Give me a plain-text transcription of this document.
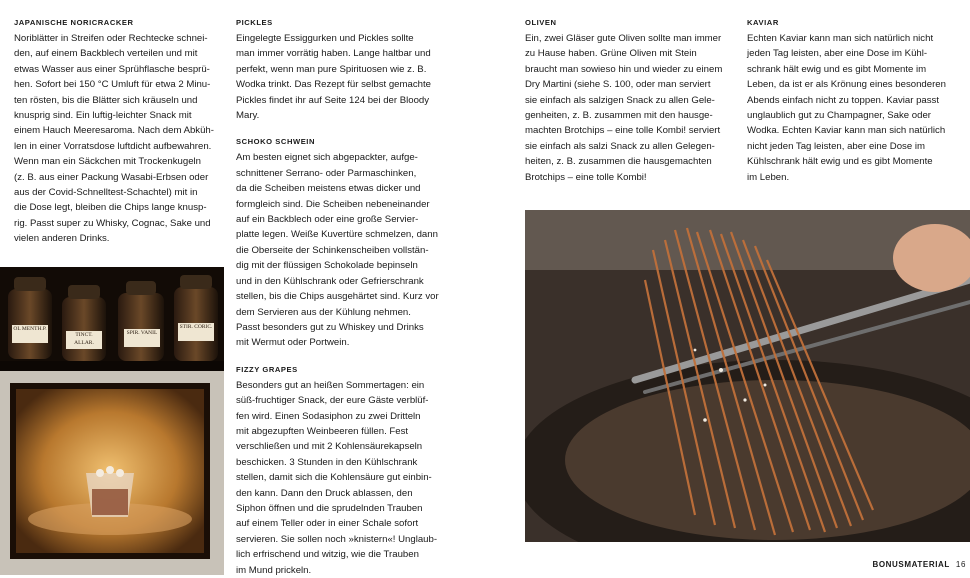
JAPANISCHE NORICRACKER
Noriblätter in Streifen oder Rechtecke schnei-
den, auf einem Backblech verteilen und mit
etwas Wasser aus einer Sprühflasche besprü-
hen. Sofort bei 150 °C Umluft für etwa 2 Minu-
ten rösten, bis die Blätter sich kräuseln und
knusprig sind. Ein luftig-leichter Snack mit
einem Hauch Meeresaroma. Nach dem Abküh-
len in einer Vorratsdose luftdicht aufbewahren.
Wenn man ein Säckchen mit Trockenkugeln
(z. B. aus einer Packung Wasabi-Erbsen oder
aus der Covid-Schnelltest-Schachtel) mit in
die Dose legt, bleiben die Chips lange knusp-
rig. Passt super zu Whisky, Cognac, Sake und
vielen anderen Drinks.
PICKLES
Eingelegte Essiggurken und Pickles sollte
man immer vorrätig haben. Lange haltbar und
perfekt, wenn man pure Spirituosen wie z. B.
Wodka trinkt. Das Rezept für selbst gemachte
Pickles findet ihr auf Seite 124 bei der Bloody
Mary.
SCHOKO SCHWEIN
Am besten eignet sich abgepackter, aufge-
schnittener Serrano- oder Parmaschinken,
da die Scheiben meistens etwas dicker und
formgleich sind. Die Scheiben nebeneinander
auf ein Backblech oder eine große Servier-
platte legen. Weiße Kuvertüre schmelzen, dann
die Oberseite der Schinkenscheiben vollstän-
dig mit der flüssigen Schokolade bepinseln
und in den Kühlschrank oder Gefrierschrank
stellen, bis die Chips ausgehärtet sind. Kurz vor
dem Servieren aus der Kühlung nehmen.
Passt besonders gut zu Whiskey und Drinks
mit Wermut oder Portwein.
FIZZY GRAPES
Besonders gut an heißen Sommertagen: ein
süß-fruchtiger Snack, der eure Gäste verblüf-
fen wird. Einen Sodasiphon zu zwei Dritteln
mit abgezupften Weinbeeren füllen. Fest
verschließen und mit 2 Kohlensäurekapseln
beschicken. 3 Stunden in den Kühlschrank
stellen, damit sich die Kohlensäure gut einbin-
den kann. Dann den Druck ablassen, den
Siphon öffnen und die sprudelnden Trauben
auf einem Teller oder in einer Schale sofort
servieren. Sie sollen noch »knistern«! Unglaub-
lich erfrischend und witzig, wie die Trauben
im Mund prickeln.
OLIVEN
Ein, zwei Gläser gute Oliven sollte man immer
zu Hause haben. Grüne Oliven mit Stein
braucht man sowieso hin und wieder zu einem
Dry Martini (siehe S. 100, oder man serviert
sie einfach als salzigen Snack zu allen Gele-
genheiten, z. B. zusammen mit den hausge-
machten Brotchips – eine tolle Kombi! serviert
sie einfach als salzi Snack zu allen Gelegen-
heiten, z. B. zusammen die hausgemachten
Brotchips – eine tolle Kombi!
KAVIAR
Echten Kaviar kann man sich natürlich nicht
jeden Tag leisten, aber eine Dose im Kühl-
schrank hält ewig und es gibt Momente im
Leben, da ist er als Krönung eines besonderen
Abends einfach nicht zu toppen. Kaviar passt
unglaublich gut zu Champagner, Sake oder
Wodka. Echten Kaviar kann man sich natürlich
nicht jeden Tag leisten, aber eine Dose im
Kühlschrank hält ewig und es gibt Momente
im Leben.
OL MENTH.P.
TINCT. ALLAR.
SPIR. VANIL
STIR. CORIC.
BONUSMATERIAL 16
